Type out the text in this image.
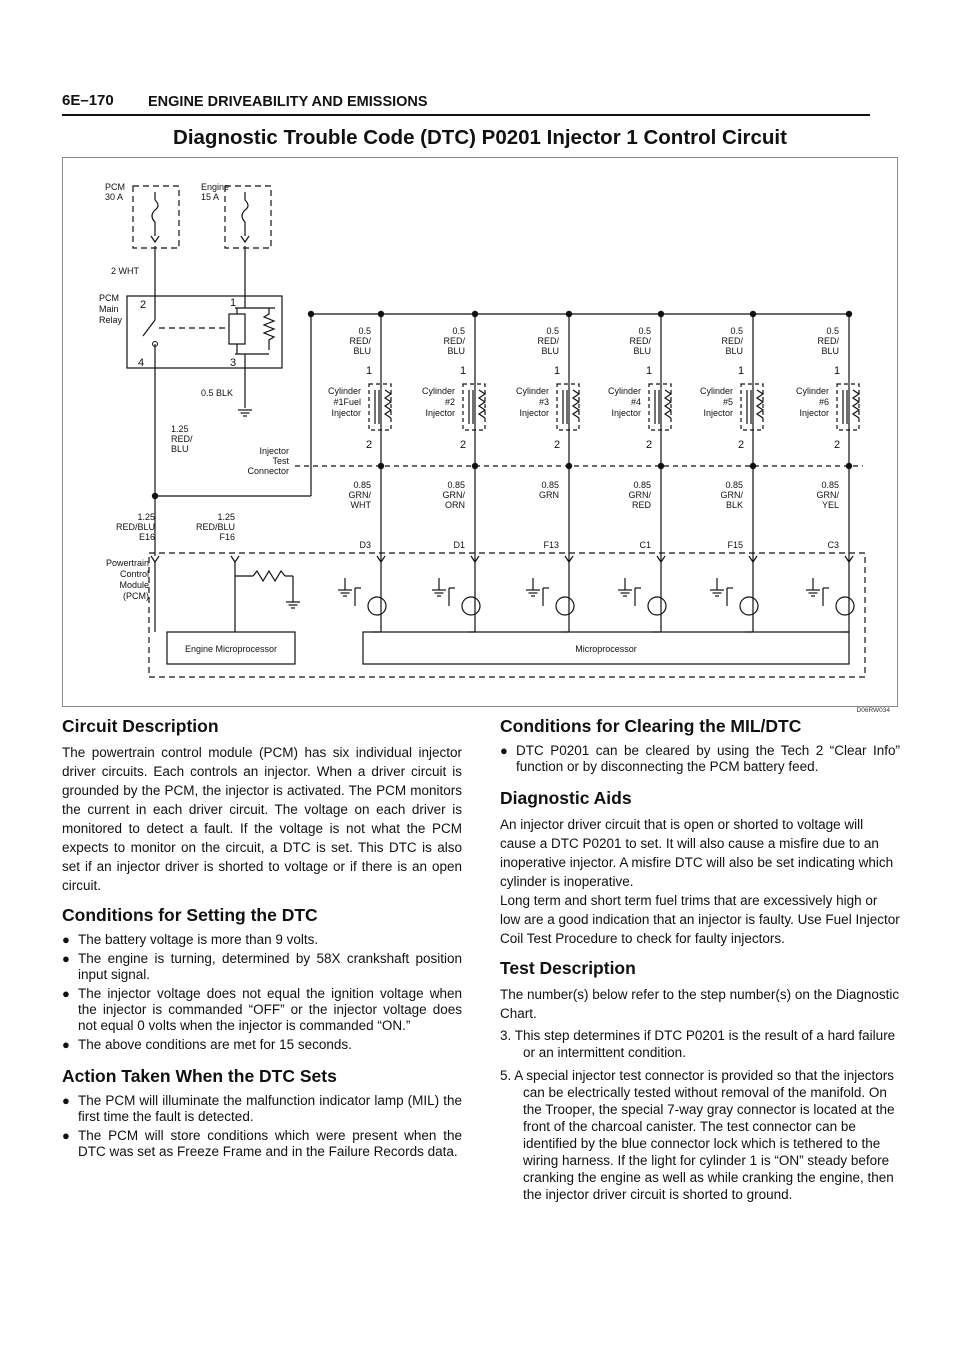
6E–170 ENGINE DRIVEABILITY AND EMISSIONS
Diagnostic Trouble Code (DTC) P0201 Injector 1 Control Circuit
PCM
30 A
Engine
15 A
2 WHT
PCM
Main
Relay
2	1
4	3
0.5 BLK
1.25
RED/
BLU	Injector
Test
Connector
0.5
RED/
BLU
1
Cylinder
#1Fuel
Injector
2
0.85
GRN/
WHT
D3
0.5
RED/
BLU
1
Cylinder
#2
Injector
2
0.85
GRN/
ORN
D1
0.5
RED/
BLU
1
Cylinder
#3
Injector
2
0.85
GRN
F13
0.5
RED/
BLU
1
Cylinder
#4
Injector
2
0.85
GRN/
RED
C1
0.5
RED/
BLU
1
Cylinder
#5
Injector
2
0.85
GRN/
BLK
F15
0.5
RED/
BLU
1
Cylinder
#6
Injector
2
0.85
GRN/
YEL
C3
Powertrain
Control
Module
(PCM)
1.25
RED/BLU
E16
1.25
RED/BLU
F16
Engine Microprocessor	Microprocessor
D06RW034
Circuit Description

The powertrain control module (PCM) has six individual injector driver circuits. Each controls an injector. When a driver circuit is grounded by the PCM, the injector is activated. The PCM monitors the current in each driver circuit. The voltage on each driver is monitored to detect a fault. If the voltage is not what the PCM expects to monitor on the circuit, a DTC is set. This DTC is also set if an injector driver is shorted to voltage or if there is an open circuit.

Conditions for Setting the DTC
● The battery voltage is more than 9 volts.
● The engine is turning, determined by 58X crankshaft position input signal.
● The injector voltage does not equal the ignition voltage when the injector is commanded “OFF” or the injector voltage does not equal 0 volts when the injector is commanded “ON.”
● The above conditions are met for 15 seconds.
Action Taken When the DTC Sets
● The PCM will illuminate the malfunction indicator lamp (MIL) the first time the fault is detected.
● The PCM will store conditions which were present when the DTC was set as Freeze Frame and in the Failure Records data.
Conditions for Clearing the MIL/DTC
● DTC P0201 can be cleared by using the Tech 2 “Clear Info” function or by disconnecting the PCM battery feed.
Diagnostic Aids

An injector driver circuit that is open or shorted to voltage will cause a DTC P0201 to set. It will also cause a misfire due to an inoperative injector. A misfire DTC will also be set indicating which cylinder is inoperative.

Long term and short term fuel trims that are excessively high or low are a good indication that an injector is faulty. Use Fuel Injector Coil Test Procedure to check for faulty injectors.

Test Description

The number(s) below refer to the step number(s) on the Diagnostic Chart.

3. This step determines if DTC P0201 is the result of a hard failure or an intermittent condition.
5. A special injector test connector is provided so that the injectors can be electrically tested without removal of the manifold. On the Trooper, the special 7-way gray connector is located at the front of the charcoal canister. The test connector can be identified by the blue connector lock which is tethered to the wiring harness. If the light for cylinder 1 is “ON” steady before cranking the engine as well as while cranking the engine, then the injector driver circuit is shorted to ground.
